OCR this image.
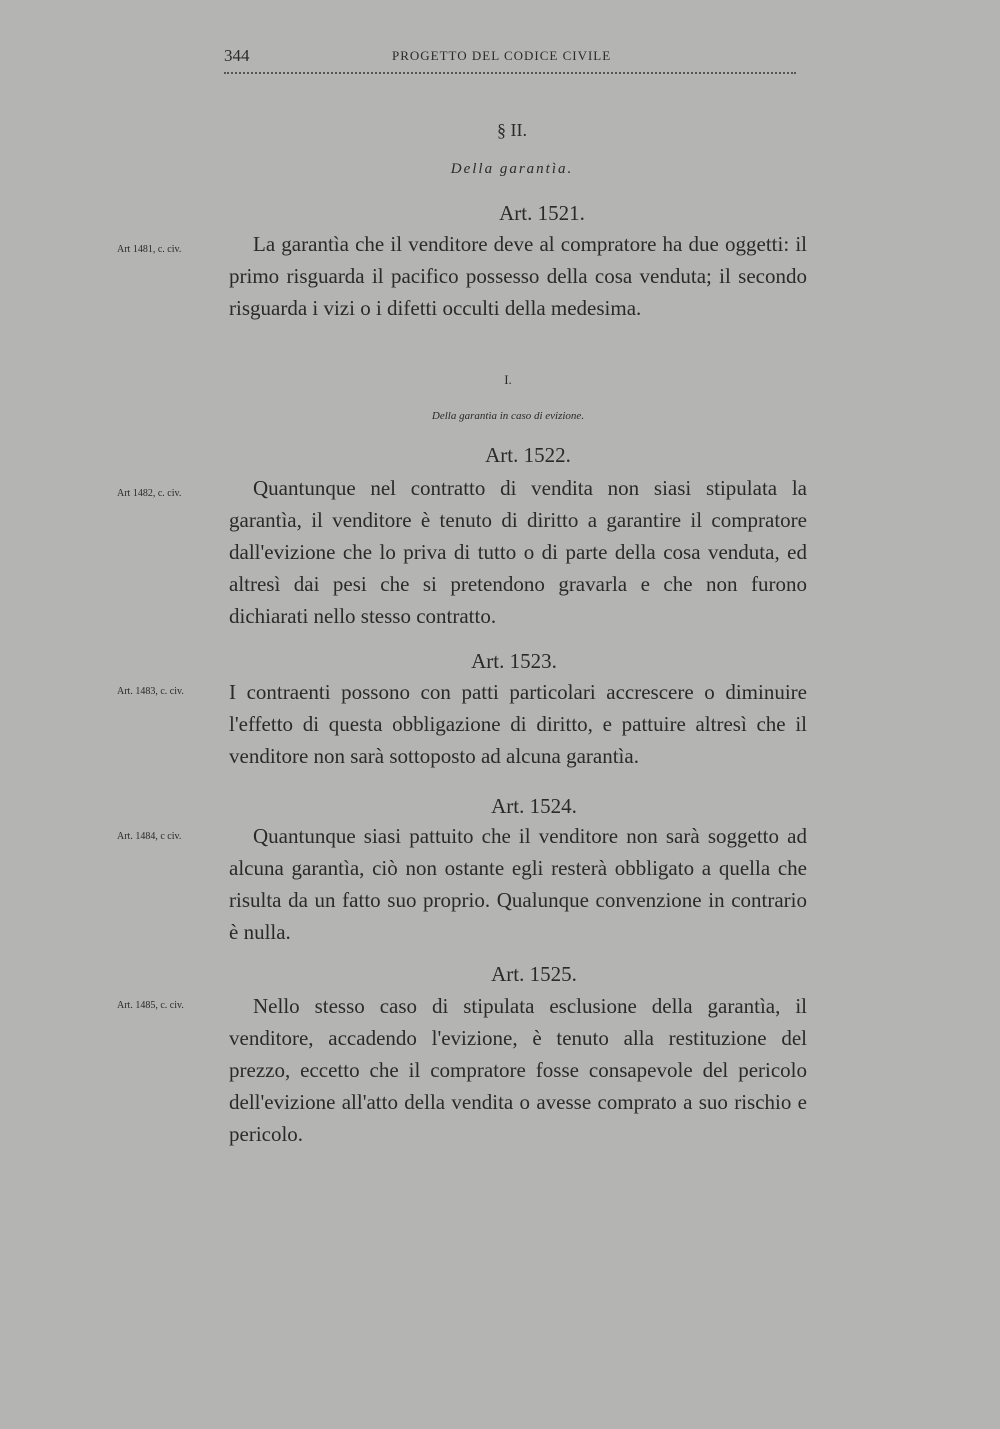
344	PROGETTO DEL CODICE CIVILE
§ II.
Della garantìa.
Art. 1521.
Art 1481, c. civ.	La garantìa che il venditore deve al compratore ha due oggetti: il primo risguarda il pacifico possesso della cosa venduta; il secondo risguarda i vizi o i difetti occulti della medesima.

I.
Della garantìa in caso di evizione.
Art. 1522.
Art 1482, c. civ.	Quantunque nel contratto di vendita non siasi stipulata la garantìa, il venditore è tenuto di diritto a garantire il compratore dall'evizione che lo priva di tutto o di parte della cosa venduta, ed altresì dai pesi che si pretendono gravarla e che non furono dichiarati nello stesso contratto.

Art. 1523.
Art. 1483, c. civ. I contraenti possono con patti particolari accrescere o diminuire l'effetto di questa obbligazione di diritto, e pattuire altresì che il venditore non sarà sottoposto ad alcuna garantìa.

Art. 1524.
Art. 1484, c civ.	Quantunque siasi pattuito che il venditore non sarà soggetto ad alcuna garantìa, ciò non ostante egli resterà obbligato a quella che risulta da un fatto suo proprio. Qualunque convenzione in contrario è nulla.

Art. 1525.
Art. 1485, c. civ.	Nello stesso caso di stipulata esclusione della garantìa, il venditore, accadendo l'evizione, è tenuto alla restituzione del prezzo, eccetto che il compratore fosse consapevole del pericolo dell'evizione all'atto della vendita o avesse comprato a suo rischio e pericolo.
